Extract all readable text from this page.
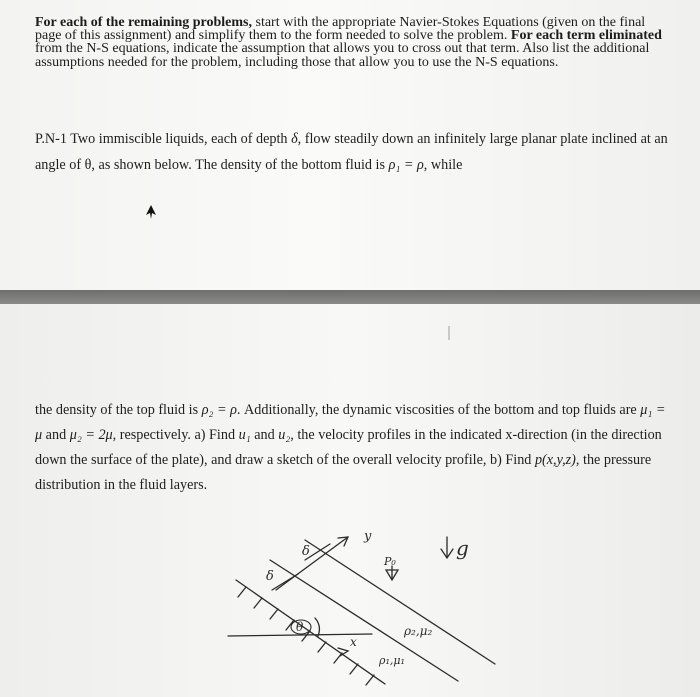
For each of the remaining problems, start with the appropriate Navier-Stokes Equations (given on the final page of this assignment) and simplify them to the form needed to solve the problem. For each term eliminated from the N-S equations, indicate the assumption that allows you to cross out that term. Also list the additional assumptions needed for the problem, including those that allow you to use the N-S equations.
P.N-1 Two immiscible liquids, each of depth δ, flow steadily down an infinitely large planar plate inclined at an angle of θ, as shown below. The density of the bottom fluid is ρ₁ = ρ, while
the density of the top fluid is ρ₂ = ρ. Additionally, the dynamic viscosities of the bottom and top fluids are μ₁ = μ and μ₂ = 2μ, respectively. a) Find u₁ and u₂, the velocity profiles in the indicated x-direction (in the direction down the surface of the plate), and draw a sketch of the overall velocity profile, b) Find p(x,y,z), the pressure distribution in the fluid layers.
y
x
g
δ
δ
θ
P₀
ρ₂,μ₂
ρ₁,μ₁
